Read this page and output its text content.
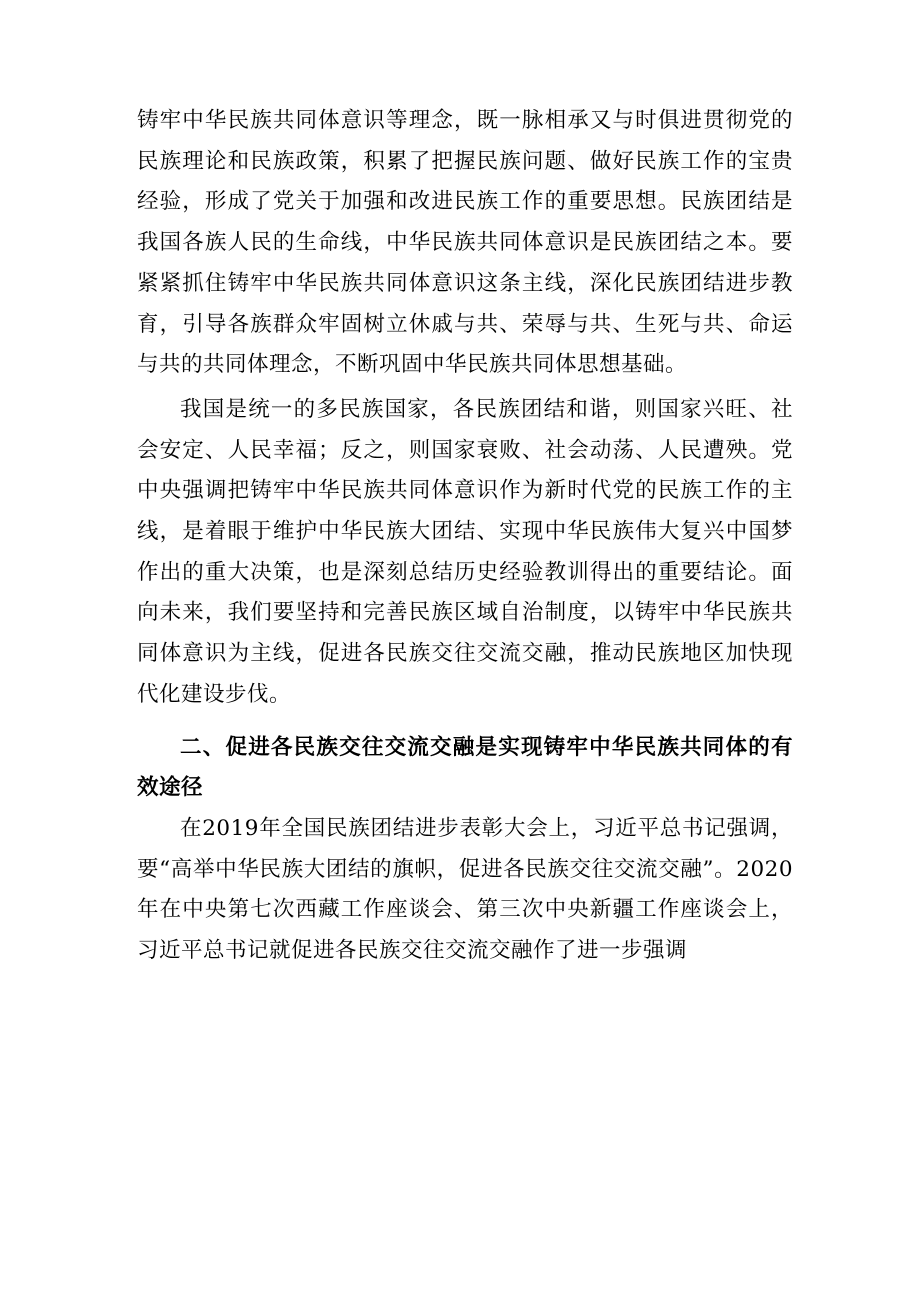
铸牢中华民族共同体意识等理念，既一脉相承又与时俱进贯彻党的民族理论和民族政策，积累了把握民族问题、做好民族工作的宝贵经验，形成了党关于加强和改进民族工作的重要思想。民族团结是我国各族人民的生命线，中华民族共同体意识是民族团结之本。要紧紧抓住铸牢中华民族共同体意识这条主线，深化民族团结进步教育，引导各族群众牢固树立休戚与共、荣辱与共、生死与共、命运与共的共同体理念，不断巩固中华民族共同体思想基础。

我国是统一的多民族国家，各民族团结和谐，则国家兴旺、社会安定、人民幸福；反之，则国家衰败、社会动荡、人民遭殃。党中央强调把铸牢中华民族共同体意识作为新时代党的民族工作的主线，是着眼于维护中华民族大团结、实现中华民族伟大复兴中国梦作出的重大决策，也是深刻总结历史经验教训得出的重要结论。面向未来，我们要坚持和完善民族区域自治制度，以铸牢中华民族共同体意识为主线，促进各民族交往交流交融，推动民族地区加快现代化建设步伐。

二、促进各民族交往交流交融是实现铸牢中华民族共同体的有效途径

在2019年全国民族团结进步表彰大会上，习近平总书记强调，要“高举中华民族大团结的旗帜，促进各民族交往交流交融”。2020年在中央第七次西藏工作座谈会、第三次中央新疆工作座谈会上，习近平总书记就促进各民族交往交流交融作了进一步强调
